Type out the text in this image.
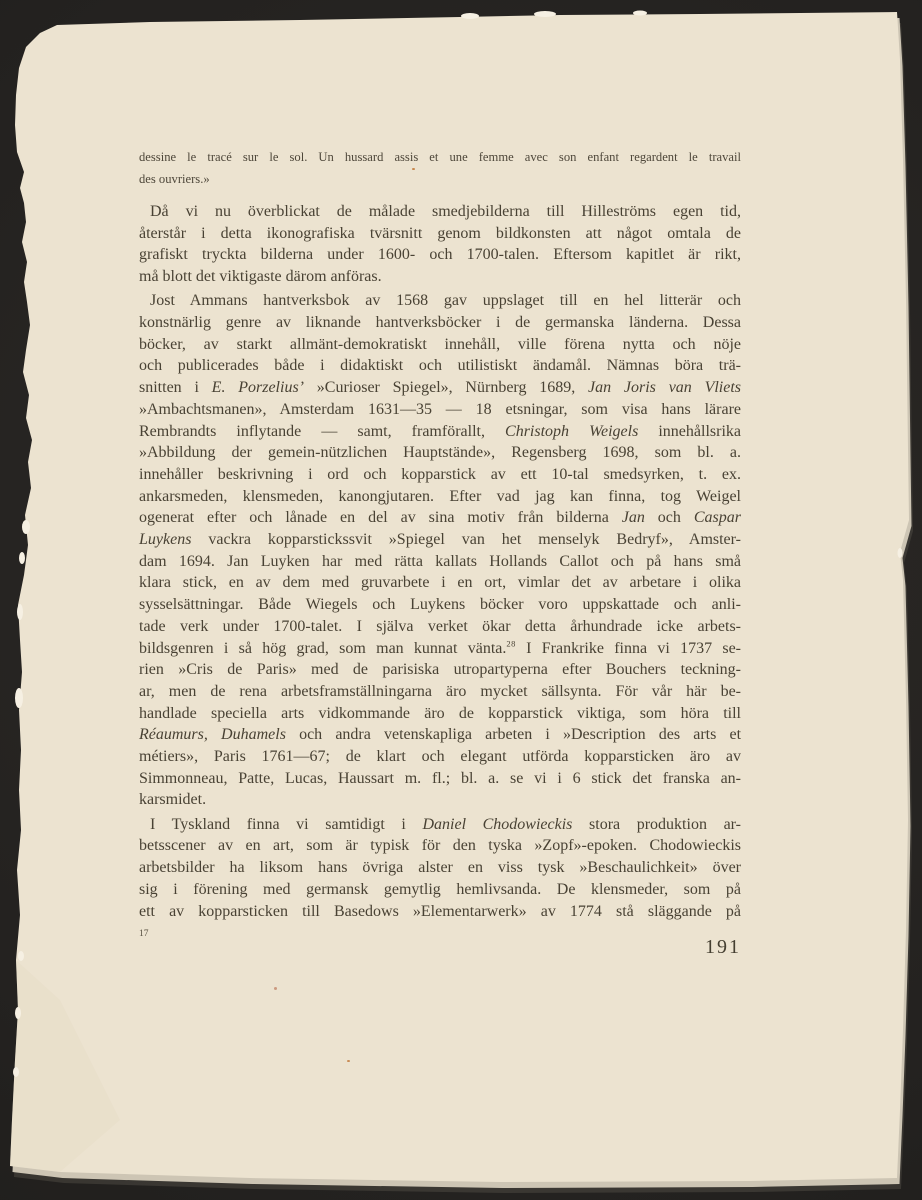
dessine le tracé sur le sol. Un hussard assis et une femme avec son enfant regardent le travail
des ouvriers.»
Då vi nu överblickat de målade smedjebilderna till Hilleströms egen tid,
återstår i detta ikonografiska tvärsnitt genom bildkonsten att något omtala de
grafiskt tryckta bilderna under 1600- och 1700-talen. Eftersom kapitlet är rikt,
må blott det viktigaste därom anföras.
Jost Ammans hantverksbok av 1568 gav uppslaget till en hel litterär och
konstnärlig genre av liknande hantverksböcker i de germanska länderna. Dessa
böcker, av starkt allmänt-demokratiskt innehåll, ville förena nytta och nöje
och publicerades både i didaktiskt och utilistiskt ändamål. Nämnas böra trä-
snitten i E. Porzelius’ »Curioser Spiegel», Nürnberg 1689, Jan Joris van Vliets
»Ambachtsmanen», Amsterdam 1631—35 — 18 etsningar, som visa hans lärare
Rembrandts inflytande — samt, framförallt, Christoph Weigels innehållsrika
»Abbildung der gemein-nützlichen Hauptstände», Regensberg 1698, som bl. a.
innehåller beskrivning i ord och kopparstick av ett 10-tal smedsyrken, t. ex.
ankarsmeden, klensmeden, kanongjutaren. Efter vad jag kan finna, tog Weigel
ogenerat efter och lånade en del av sina motiv från bilderna Jan och Caspar
Luykens vackra kopparstickssvit »Spiegel van het menselyk Bedryf», Amster-
dam 1694. Jan Luyken har med rätta kallats Hollands Callot och på hans små
klara stick, en av dem med gruvarbete i en ort, vimlar det av arbetare i olika
sysselsättningar. Både Wiegels och Luykens böcker voro uppskattade och anli-
tade verk under 1700-talet. I själva verket ökar detta århundrade icke arbets-
bildsgenren i så hög grad, som man kunnat vänta.$^{28}$ I Frankrike finna vi 1737 se-
rien »Cris de Paris» med de parisiska utropartyperna efter Bouchers teckning-
ar, men de rena arbetsframställningarna äro mycket sällsynta. För vår här be-
handlade speciella arts vidkommande äro de kopparstick viktiga, som höra till
Réaumurs, Duhamels och andra vetenskapliga arbeten i »Description des arts et
métiers», Paris 1761—67; de klart och elegant utförda kopparsticken äro av
Simmonneau, Patte, Lucas, Haussart m. fl.; bl. a. se vi i 6 stick det franska an-
karsmidet.
I Tyskland finna vi samtidigt i Daniel Chodowieckis stora produktion ar-
betsscener av en art, som är typisk för den tyska »Zopf»-epoken. Chodowieckis
arbetsbilder ha liksom hans övriga alster en viss tysk »Beschaulichkeit» över
sig i förening med germansk gemytlig hemlivsanda. De klensmeder, som på
ett av kopparsticken till Basedows »Elementarwerk» av 1774 stå släggande på
17
191
